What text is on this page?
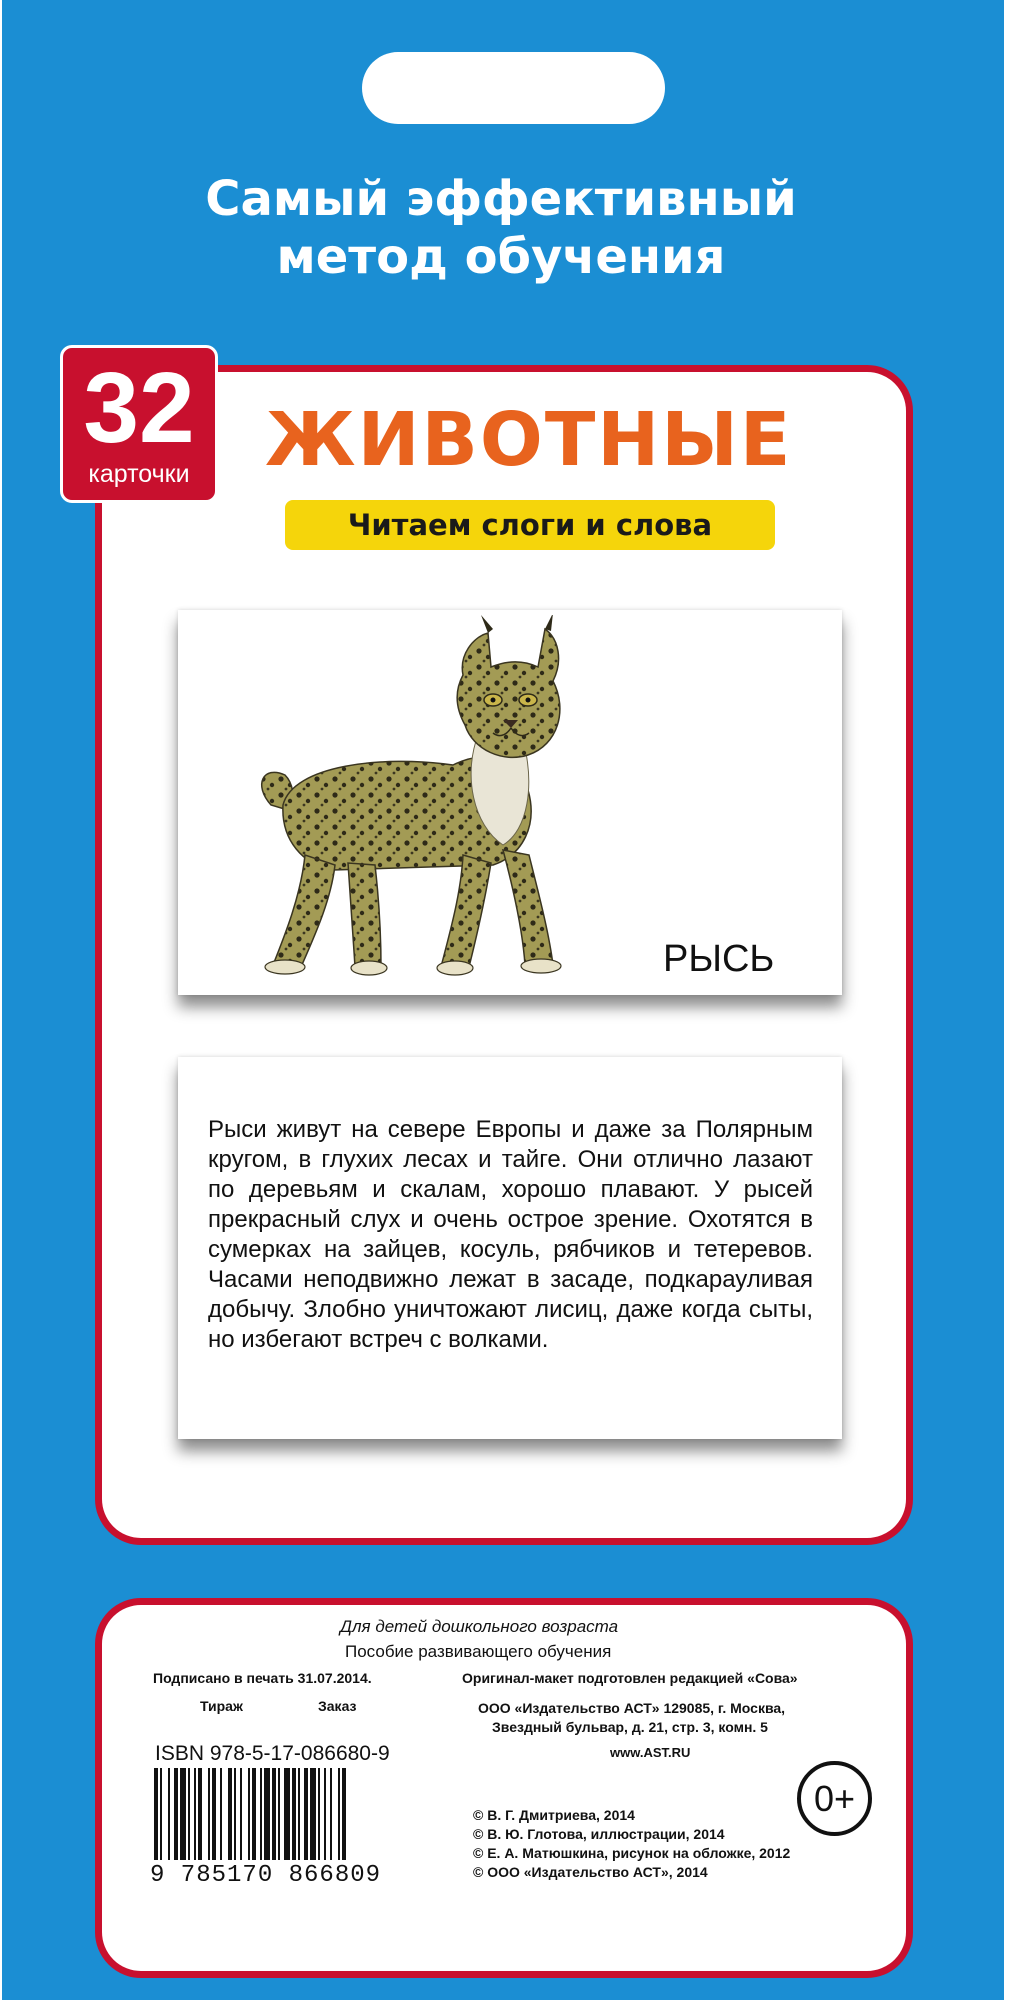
Самый эффективный
метод обучения
32
карточки	ЖИВОТНЫЕ
Читаем слоги и слова
РЫСЬ

Рыси живут на севере Европы и даже за Полярным кругом, в глухих лесах и тайге. Они отлично лазают по деревьям и скалам, хорошо плавают. У рысей прекрасный слух и очень острое зрение. Охотятся в сумерках на зайцев, косуль, рябчиков и тетеревов. Часами неподвижно лежат в засаде, подкарауливая добычу. Злобно уничтожают лисиц, даже когда сыты, но избегают встреч с волками.

Для детей дошкольного возраста
Пособие развивающего обучения
Подписано в печать 31.07.2014.
Тираж	Заказ
Оригинал-макет подготовлен редакцией «Сова»
ООО «Издательство АСТ» 129085, г. Москва,
Звездный бульвар, д. 21, стр. 3, комн. 5
www.AST.RU
ISBN 978-5-17-086680-9
9 785170 866809
0+
© В. Г. Дмитриева, 2014
© В. Ю. Глотова, иллюстрации, 2014
© Е. А. Матюшкина, рисунок на обложке, 2012
© ООО «Издательство АСТ», 2014
